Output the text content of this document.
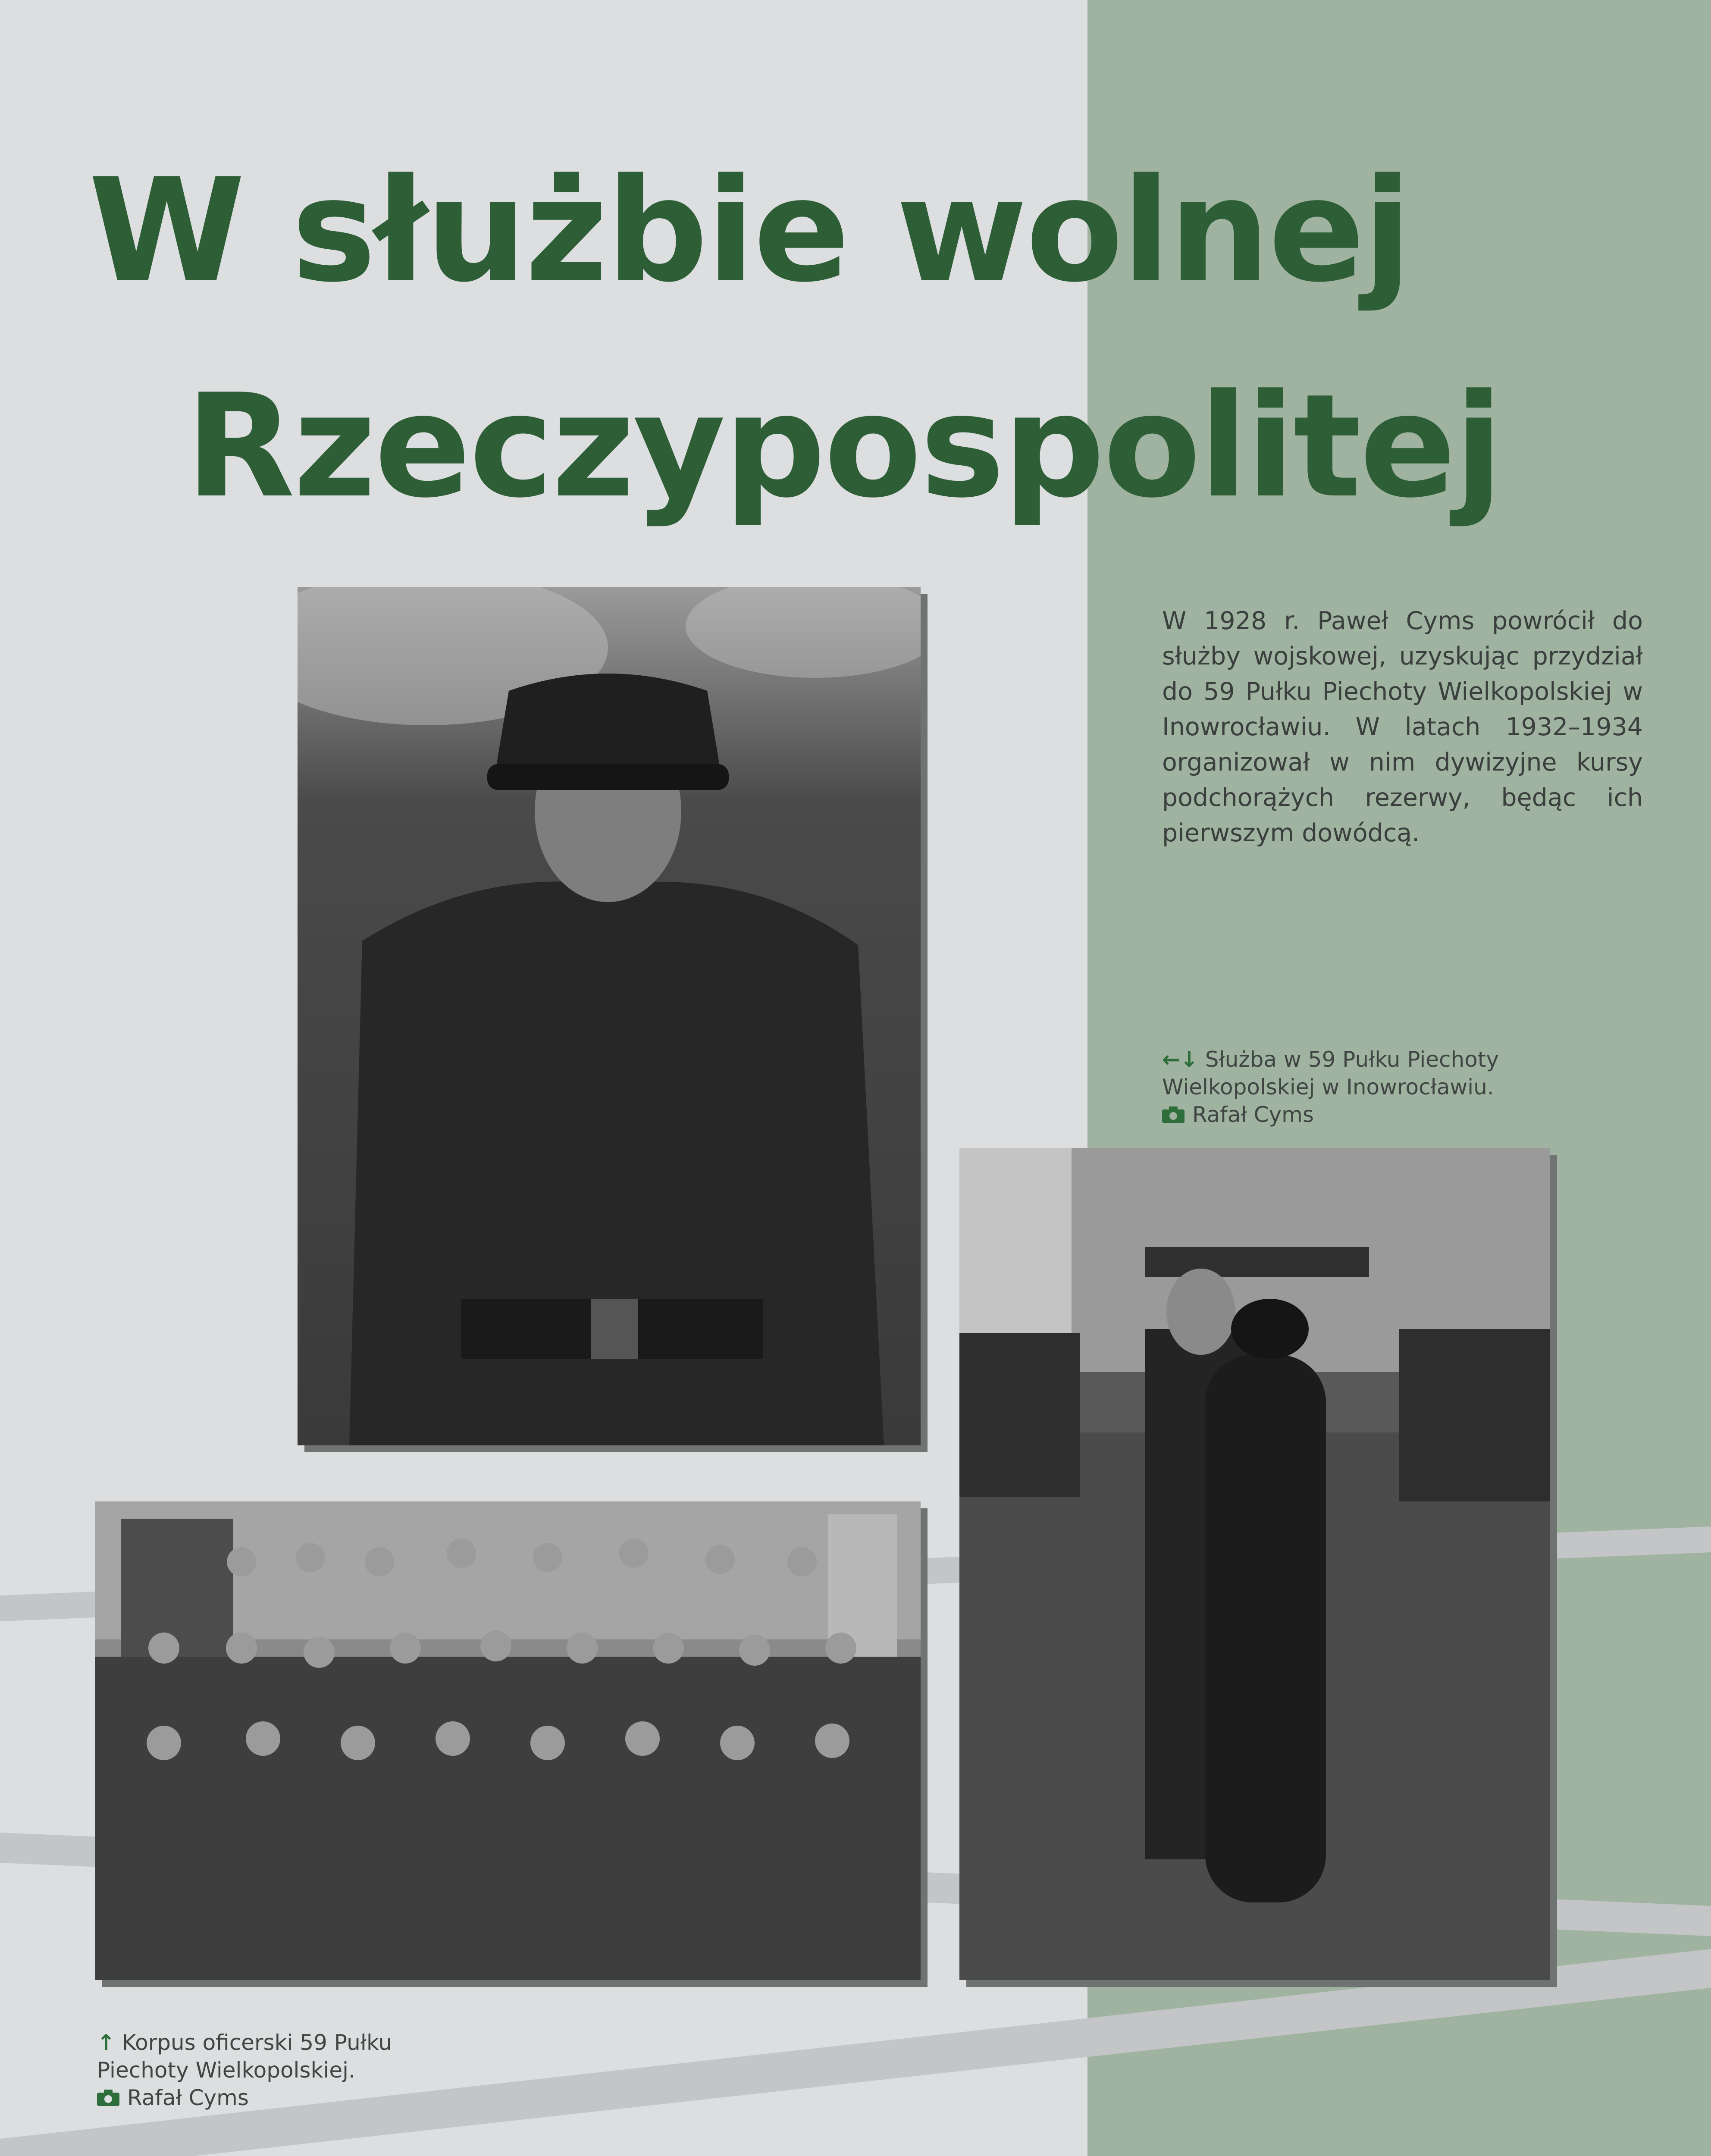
W służbie wolnej
Rzeczypospolitej

W 1928 r. Paweł Cyms powrócił do służby wojskowej, uzyskując przydział do 59 Pułku Piechoty Wielkopolskiej w Inowrocławiu. W latach 1932–1934 organizował w nim dywizyjne kursy podchorążych rezerwy, będąc ich pierwszym dowódcą.

←↓ Służba w 59 Pułku Piechoty
Wielkopolskiej w Inowrocławiu.
Rafał Cyms
↑ Korpus oficerski 59 Pułku
Piechoty Wielkopolskiej.
Rafał Cyms
